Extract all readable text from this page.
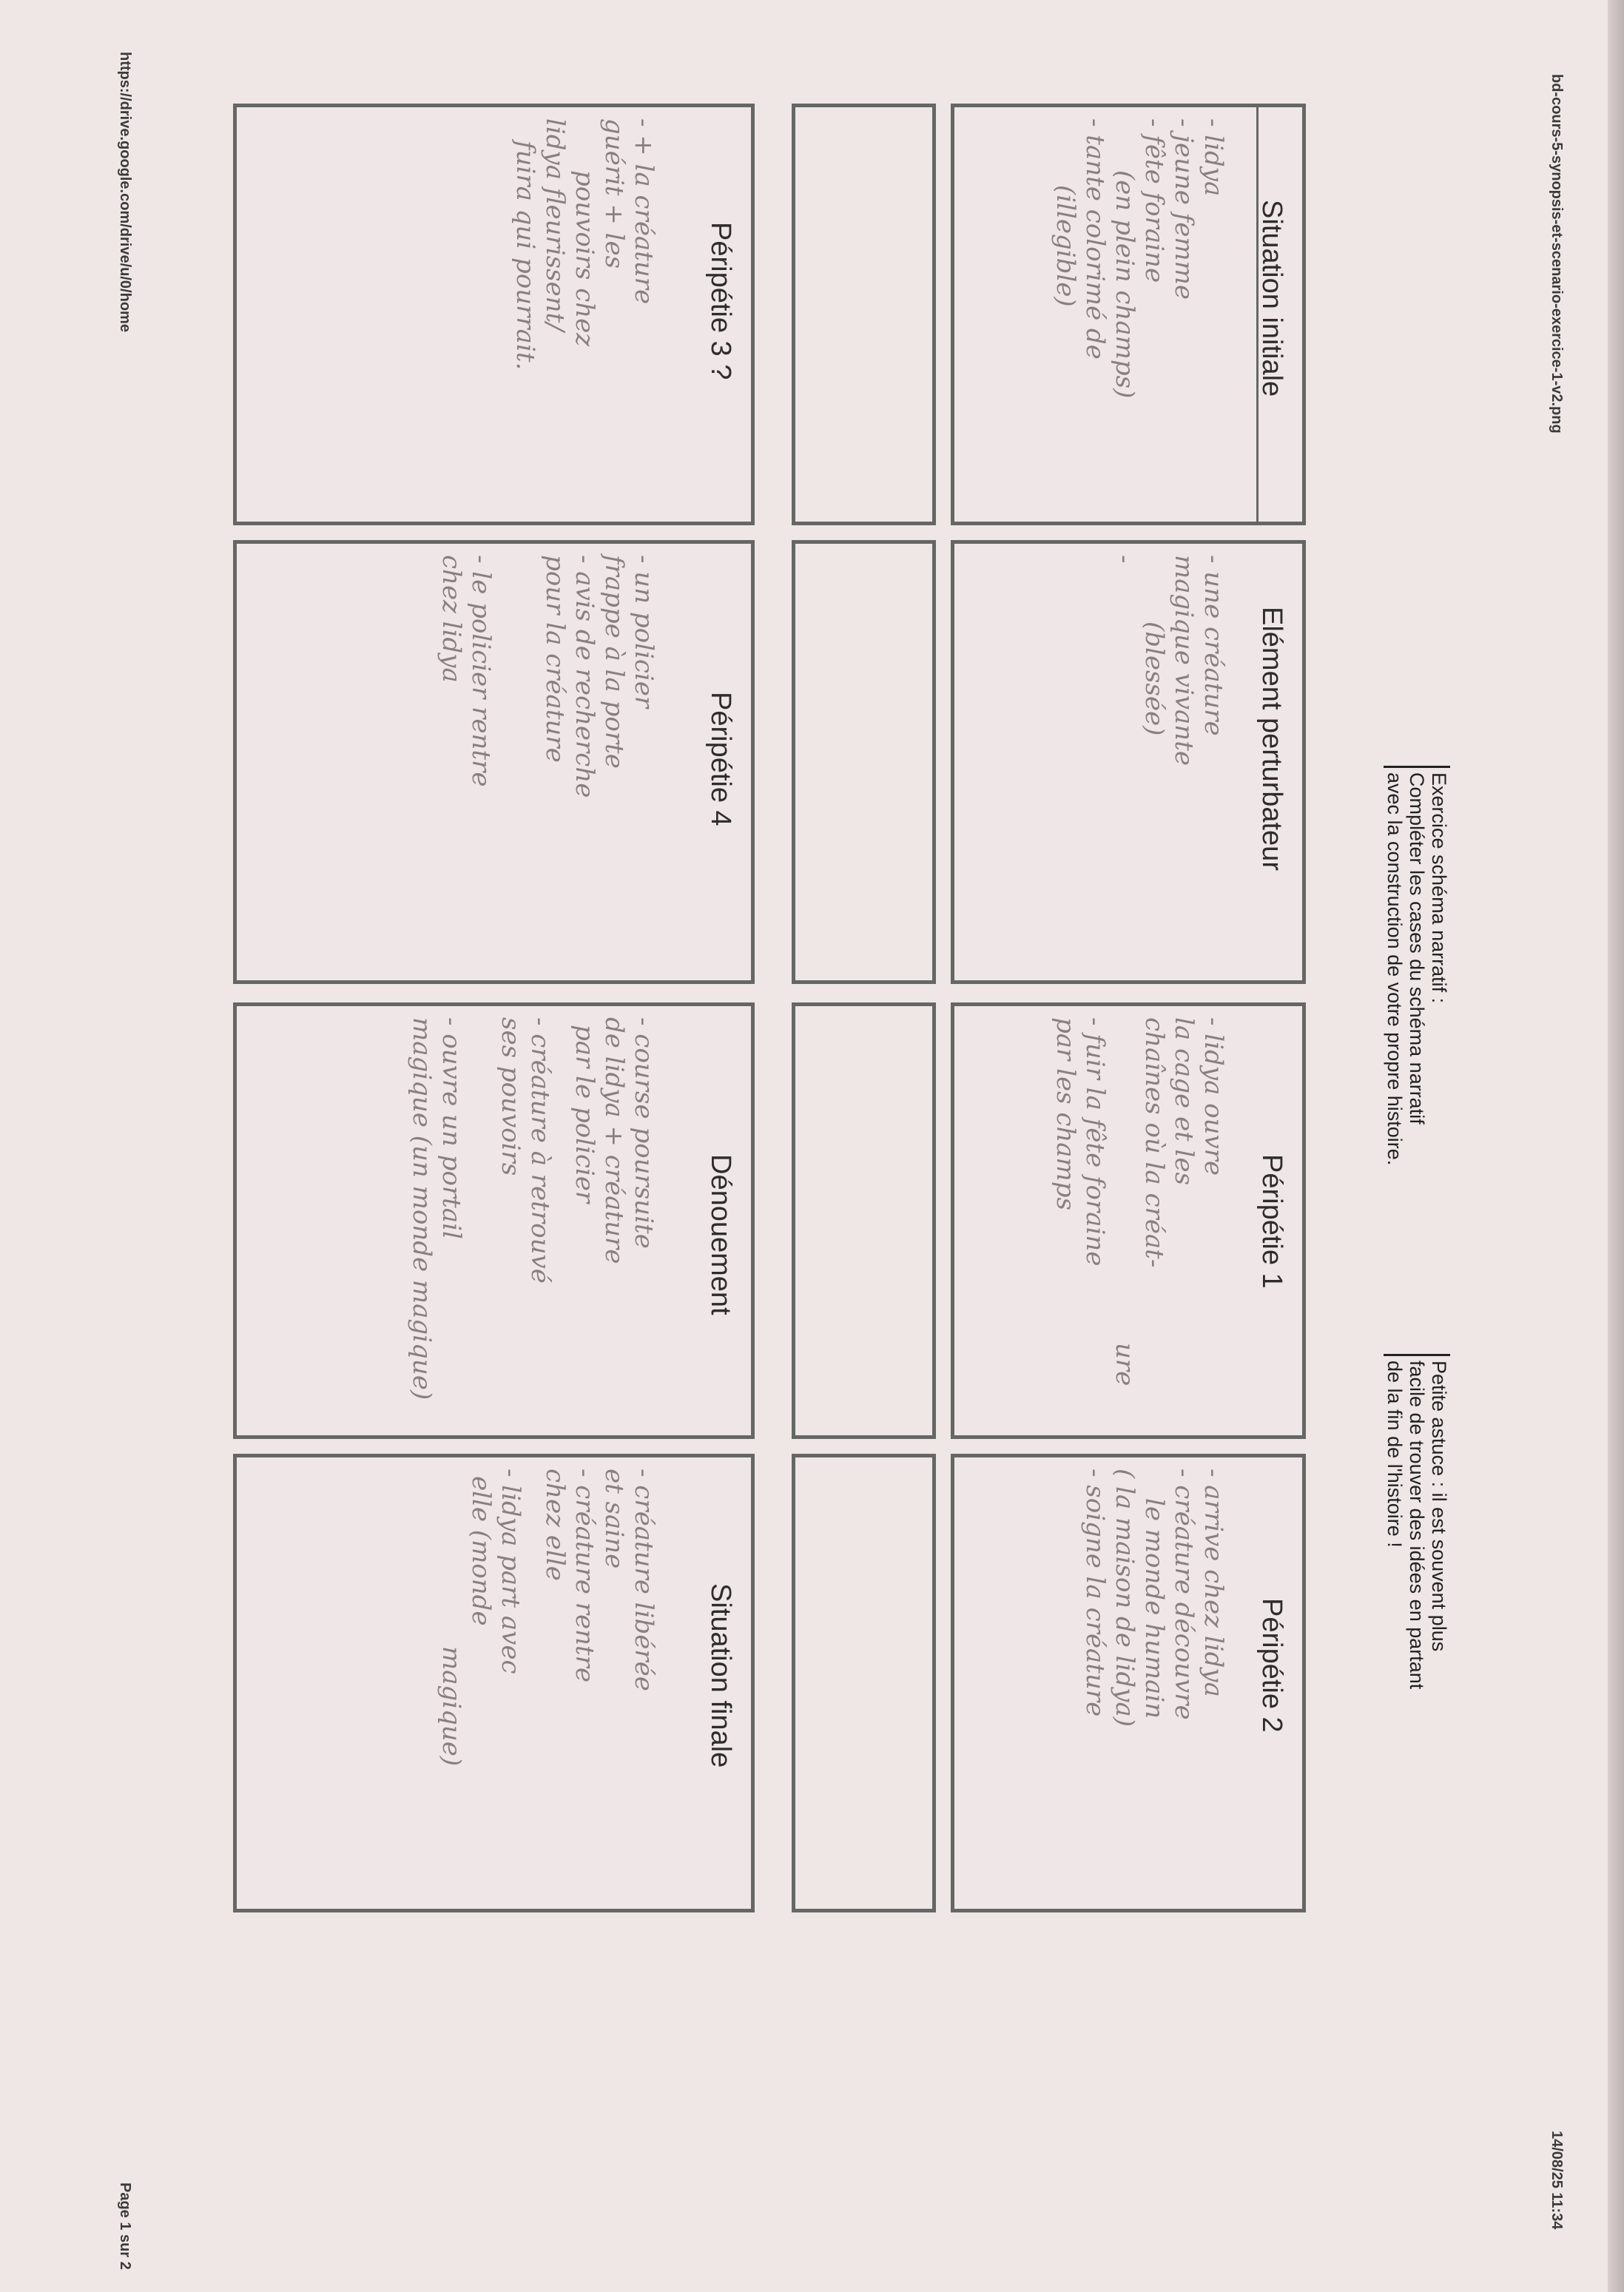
bd-cours-5-synopsis-et-scenario-exercice-1-v2.png
14/08/25 11:34
https://drive.google.com/drive/u/0/home
Page 1 sur 2
Exercice schéma narratif :
Compléter les cases du schéma narratif
avec la construction de votre propre histoire.
Petite astuce : il est souvent plus
facile de trouver des idées en partant
de la fin de l'histoire !
Situation initiale
- lidya
- jeune femme
- fête foraine
(en plein champs)
- tante colorimé de
(illegible)
Elément perturbateur
- une créature
magique vivante
(blessée)
-
Péripétie 1
- lidya ouvre
la cage et les
chaînes où la créat-
ure
- fuir la fête foraine
par les champs
Péripétie 2
- arrive chez lidya
- créature découvre
le monde humain
( la maison de lidya)
- soigne la créature
Péripétie 3 ?
- + la créature
guérit + les
pouvoirs chez
lidya fleurissent/
fuira qui pourrait.
Péripétie 4
- un policier
frappe à la porte
- avis de recherche
pour la créature
- le policier rentre
chez lidya
Dénouement
- course poursuite
de lidya + créature
par le policier
- créature à retrouvé
ses pouvoirs
- ouvre un portail
magique (un monde magique)
Situation finale
- créature libérée
et saine
- créature rentre
chez elle
- lidya part avec
elle (monde
magique)
